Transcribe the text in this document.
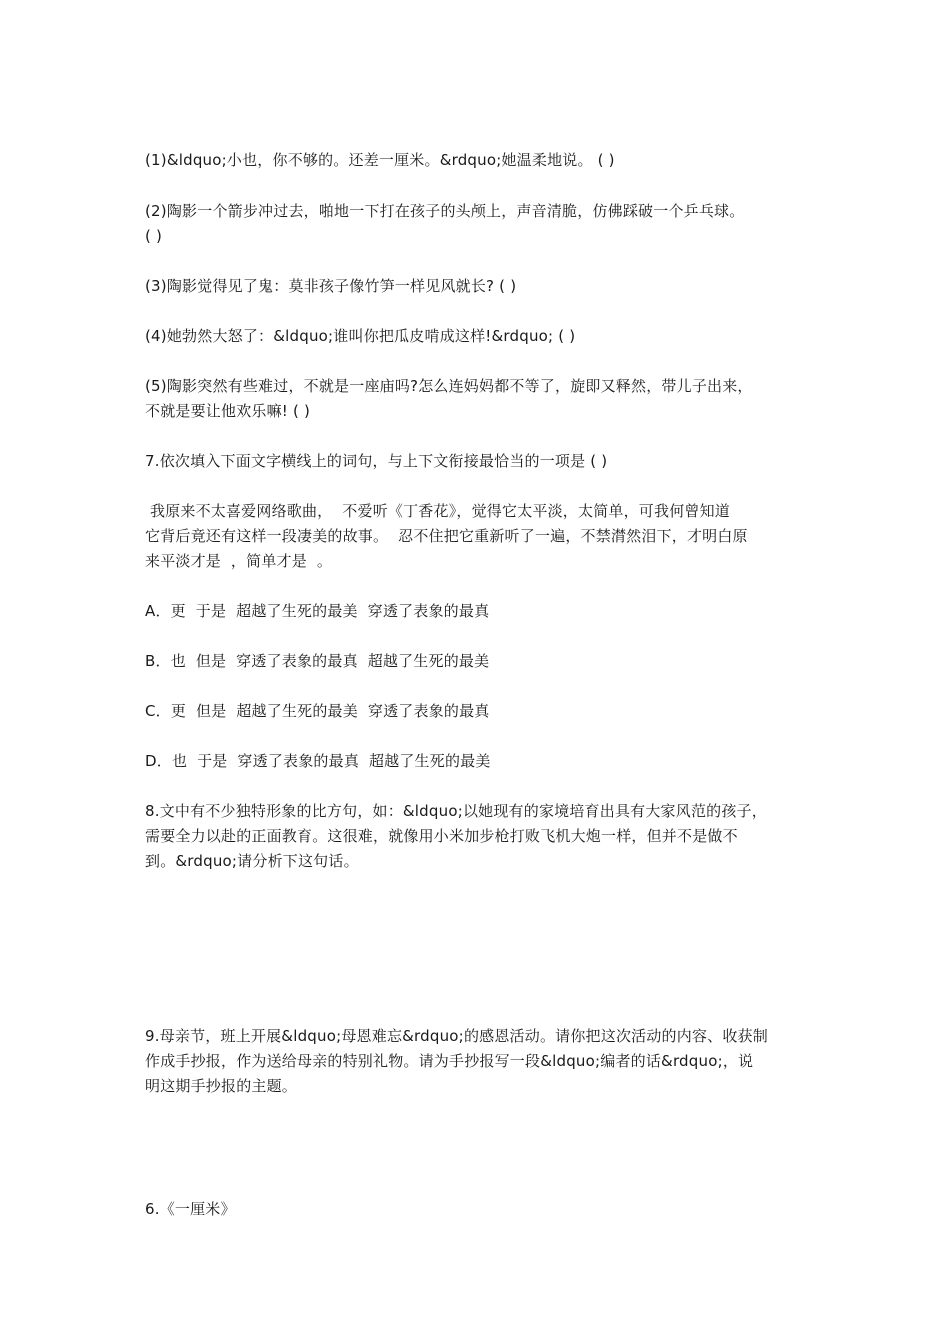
(1)&ldquo;小也，你不够的。还差一厘米。&rdquo;她温柔地说。 ( )
(2)陶影一个箭步冲过去，啪地一下打在孩子的头颅上，声音清脆，仿佛踩破一个乒乓球。
( )
(3)陶影觉得见了鬼：莫非孩子像竹笋一样见风就长? ( )
(4)她勃然大怒了：&ldquo;谁叫你把瓜皮啃成这样!&rdquo; ( )
(5)陶影突然有些难过，不就是一座庙吗?怎么连妈妈都不等了，旋即又释然，带儿子出来，
不就是要让他欢乐嘛! ( )
7.依次填入下面文字横线上的词句，与上下文衔接最恰当的一项是 ( )
我原来不太喜爱网络歌曲，  不爱听《丁香花》，觉得它太平淡，太简单，可我何曾知道
它背后竟还有这样一段凄美的故事。  忍不住把它重新听了一遍，不禁潸然泪下，才明白原
来平淡才是  ，简单才是  。
A．更  于是  超越了生死的最美  穿透了表象的最真
B．也  但是  穿透了表象的最真  超越了生死的最美
C．更  但是  超越了生死的最美  穿透了表象的最真
D．也  于是  穿透了表象的最真  超越了生死的最美
8.文中有不少独特形象的比方句，如：&ldquo;以她现有的家境培育出具有大家风范的孩子，
需要全力以赴的正面教育。这很难，就像用小米加步枪打败飞机大炮一样，但并不是做不
到。&rdquo;请分析下这句话。
9.母亲节，班上开展&ldquo;母恩难忘&rdquo;的感恩活动。请你把这次活动的内容、收获制
作成手抄报，作为送给母亲的特别礼物。请为手抄报写一段&ldquo;编者的话&rdquo;，说
明这期手抄报的主题。
6.《一厘米》
